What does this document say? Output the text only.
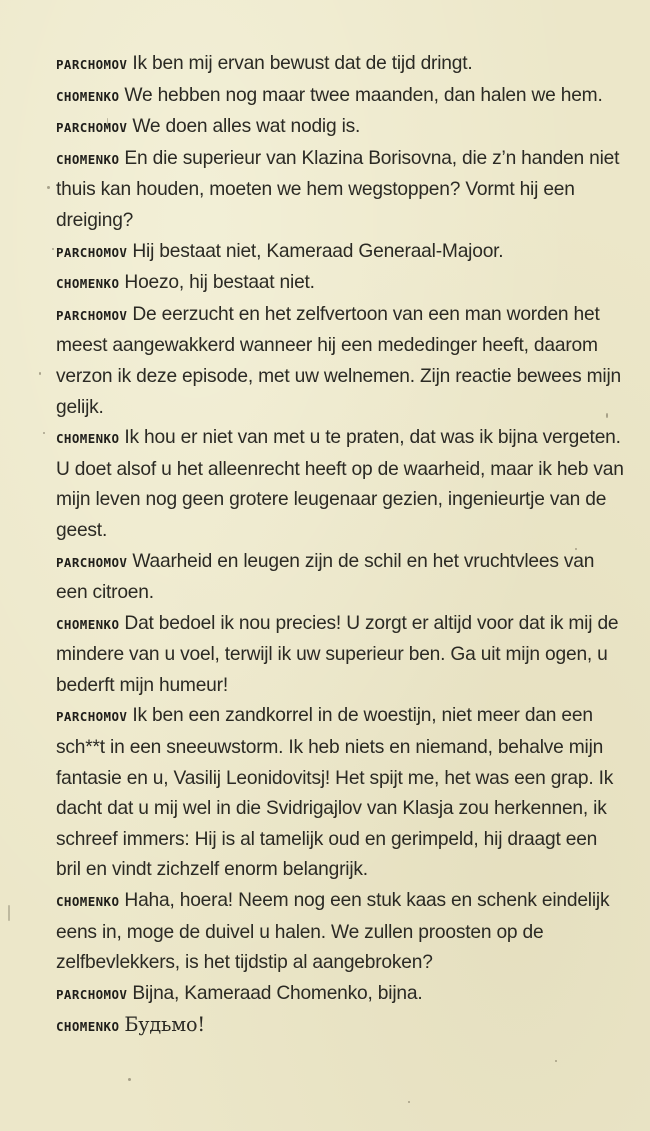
PARCHOMOV Ik ben mij ervan bewust dat de tijd dringt.

CHOMENKO We hebben nog maar twee maanden, dan halen we hem.

PARCHOMOV We doen alles wat nodig is.

CHOMENKO En die superieur van Klazina Borisovna, die z’n handen niet thuis kan houden, moeten we hem wegstoppen? Vormt hij een dreiging?

PARCHOMOV Hij bestaat niet, Kameraad Generaal-Majoor.

CHOMENKO Hoezo, hij bestaat niet.

PARCHOMOV De eerzucht en het zelfvertoon van een man worden het meest aangewakkerd wanneer hij een mededinger heeft, daarom verzon ik deze episode, met uw welnemen. Zijn reactie bewees mijn gelijk.

CHOMENKO Ik hou er niet van met u te praten, dat was ik bijna vergeten. U doet alsof u het alleenrecht heeft op de waarheid, maar ik heb van mijn leven nog geen grotere leugenaar gezien, ingenieurtje van de geest.

PARCHOMOV Waarheid en leugen zijn de schil en het vruchtvlees van een citroen.

CHOMENKO Dat bedoel ik nou precies! U zorgt er altijd voor dat ik mij de mindere van u voel, terwijl ik uw superieur ben. Ga uit mijn ogen, u bederft mijn humeur!

PARCHOMOV Ik ben een zandkorrel in de woestijn, niet meer dan een sch**t in een sneeuwstorm. Ik heb niets en niemand, behalve mijn fantasie en u, Vasilij Leonidovitsj! Het spijt me, het was een grap. Ik dacht dat u mij wel in die Svidrigajlov van Klasja zou herkennen, ik schreef immers: Hij is al tamelijk oud en gerimpeld, hij draagt een bril en vindt zichzelf enorm belangrijk.

CHOMENKO Haha, hoera! Neem nog een stuk kaas en schenk eindelijk eens in, moge de duivel u halen. We zullen proosten op de zelfbevlekkers, is het tijdstip al aangebroken?

PARCHOMOV Bijna, Kameraad Chomenko, bijna.

CHOMENKO Будьмо!
